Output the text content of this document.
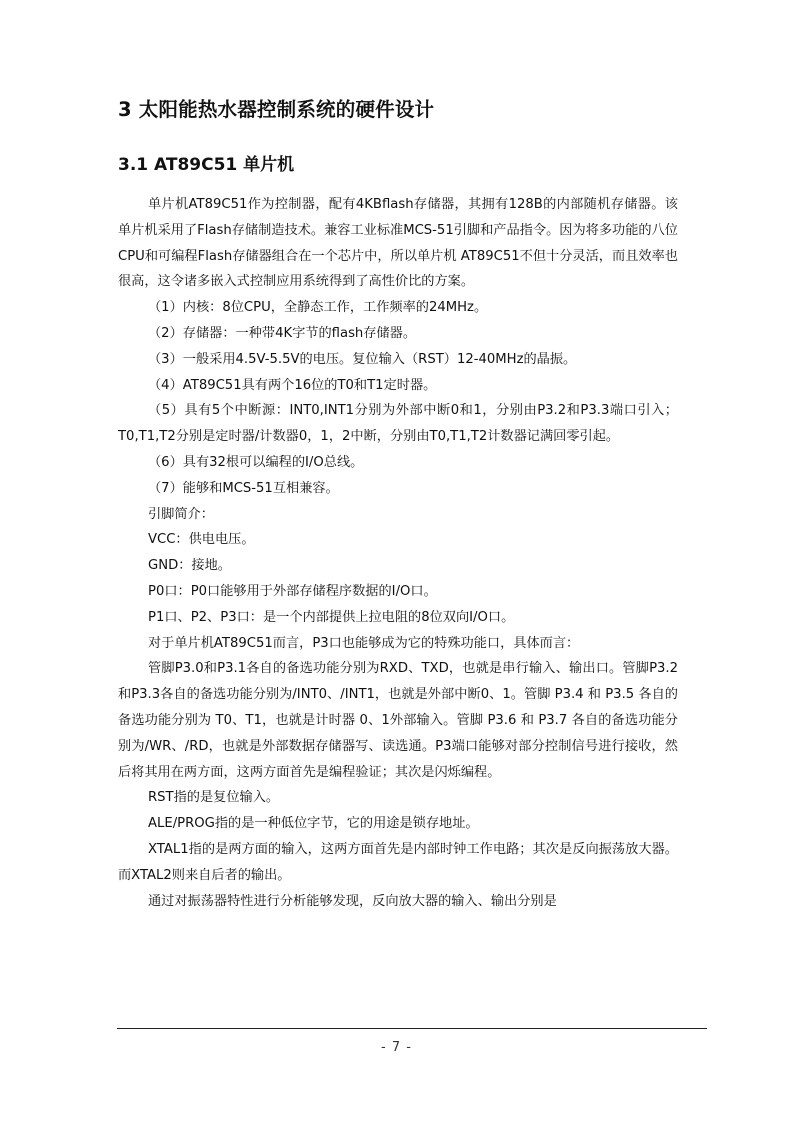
3 太阳能热水器控制系统的硬件设计
3.1 AT89C51 单片机

单片机AT89C51作为控制器，配有4KBflash存储器，其拥有128B的内部随机存储器。该单片机采用了Flash存储制造技术。兼容工业标准MCS-51引脚和产品指令。因为将多功能的八位CPU和可编程Flash存储器组合在一个芯片中，所以单片机 AT89C51不但十分灵活，而且效率也很高，这令诸多嵌入式控制应用系统得到了高性价比的方案。

（1）内核：8位CPU，全静态工作，工作频率的24MHz。

（2）存储器：一种带4K字节的flash存储器。

（3）一般采用4.5V-5.5V的电压。复位输入（RST）12-40MHz的晶振。

（4）AT89C51具有两个16位的T0和T1定时器。

（5）具有5个中断源：INT0,INT1分别为外部中断0和1，分别由P3.2和P3.3端口引入；T0,T1,T2分别是定时器/计数器0，1，2中断，分别由T0,T1,T2计数器记满回零引起。

（6）具有32根可以编程的I/O总线。

（7）能够和MCS-51互相兼容。

引脚简介：

VCC：供电电压。

GND：接地。

P0口：P0口能够用于外部存储程序数据的I/O口。

P1口、P2、P3口：是一个内部提供上拉电阻的8位双向I/O口。

对于单片机AT89C51而言，P3口也能够成为它的特殊功能口，具体而言：

管脚P3.0和P3.1各自的备选功能分别为RXD、TXD，也就是串行输入、输出口。管脚P3.2和P3.3各自的备选功能分别为/INT0、/INT1，也就是外部中断0、1。管脚 P3.4 和 P3.5 各自的备选功能分别为 T0、T1，也就是计时器 0、1外部输入。管脚 P3.6 和 P3.7 各自的备选功能分别为/WR、/RD，也就是外部数据存储器写、读选通。P3端口能够对部分控制信号进行接收，然后将其用在两方面，这两方面首先是编程验证；其次是闪烁编程。

RST指的是复位输入。

ALE/PROG指的是一种低位字节，它的用途是锁存地址。

XTAL1指的是两方面的输入，这两方面首先是内部时钟工作电路；其次是反向振荡放大器。而XTAL2则来自后者的输出。

通过对振荡器特性进行分析能够发现，反向放大器的输入、输出分别是

- 7 -
